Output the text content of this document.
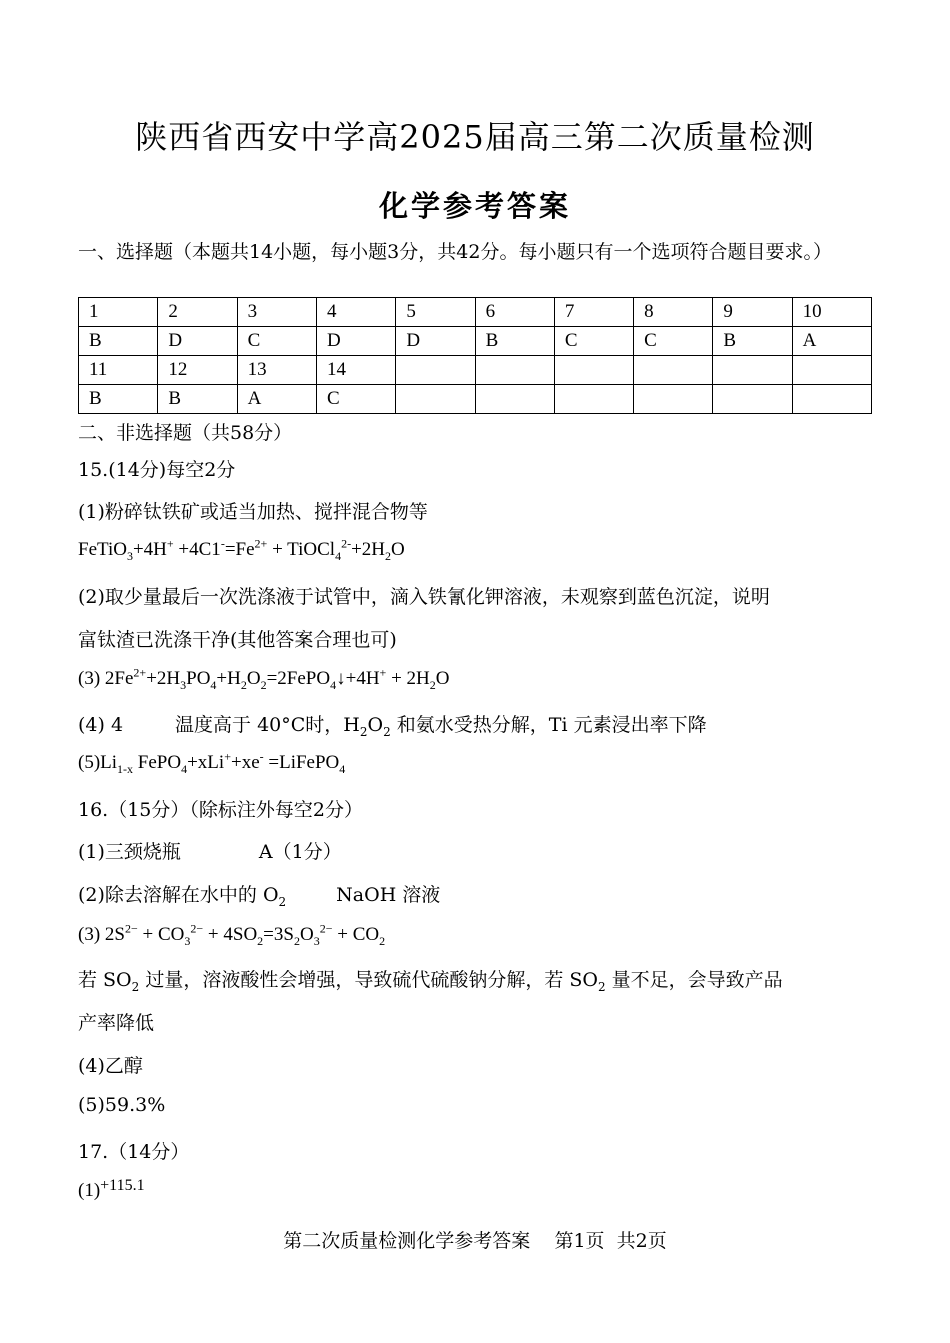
陕西省西安中学高2025届高三第二次质量检测
化学参考答案
一、选择题（本题共14小题，每小题3分，共42分。每小题只有一个选项符合题目要求。）
1	2	3	4	5	6	7	8	9	10
B	D	C	D	D	B	C	C	B	A
11	12	13	14						
B	B	A	C						
二、非选择题（共58分）
15.(14分)每空2分
(1)粉碎钛铁矿或适当加热、搅拌混合物等
FeTiO$_3$+4H+ $+4C1^-=Fe^{2+}$ + $TiOCl_4^{2-}+2H_2O$
(2)取少量最后一次洗涤液于试管中，滴入铁氰化钾溶液，未观察到蓝色沉淀，说明
富钛渣已洗涤干净(其他答案合理也可)
(3) $2Fe^{2+}+2H_3PO_4+H_2O_2=2FePO_4↓+4H^+ + 2H_2O$
(4) 4	温度高于 40°C时，$H_2O_2$ 和氨水受热分解，Ti 元素浸出率下降
$(5)Li_{1-x}$ FePO$_4$+xLi++xe- =LiFePO$_4$
16.（15分）（除标注外每空2分）
(1)三颈烧瓶	A（1分）
(2)除去溶解在水中的 $O_2$	NaOH 溶液
(3) $2S^{2-} + CO_3^{2-} + 4SO_2=3S_2O_3^{2-} + CO_2$
若 $SO_2$ 过量，溶液酸性会增强，导致硫代硫酸钠分解，若 $SO_2$ 量不足，会导致产品
产率降低
(4)乙醇
(5)59.3%
17.（14分）
$(1)^{+115.1}$
第二次质量检测化学参考答案    第1页  共2页
